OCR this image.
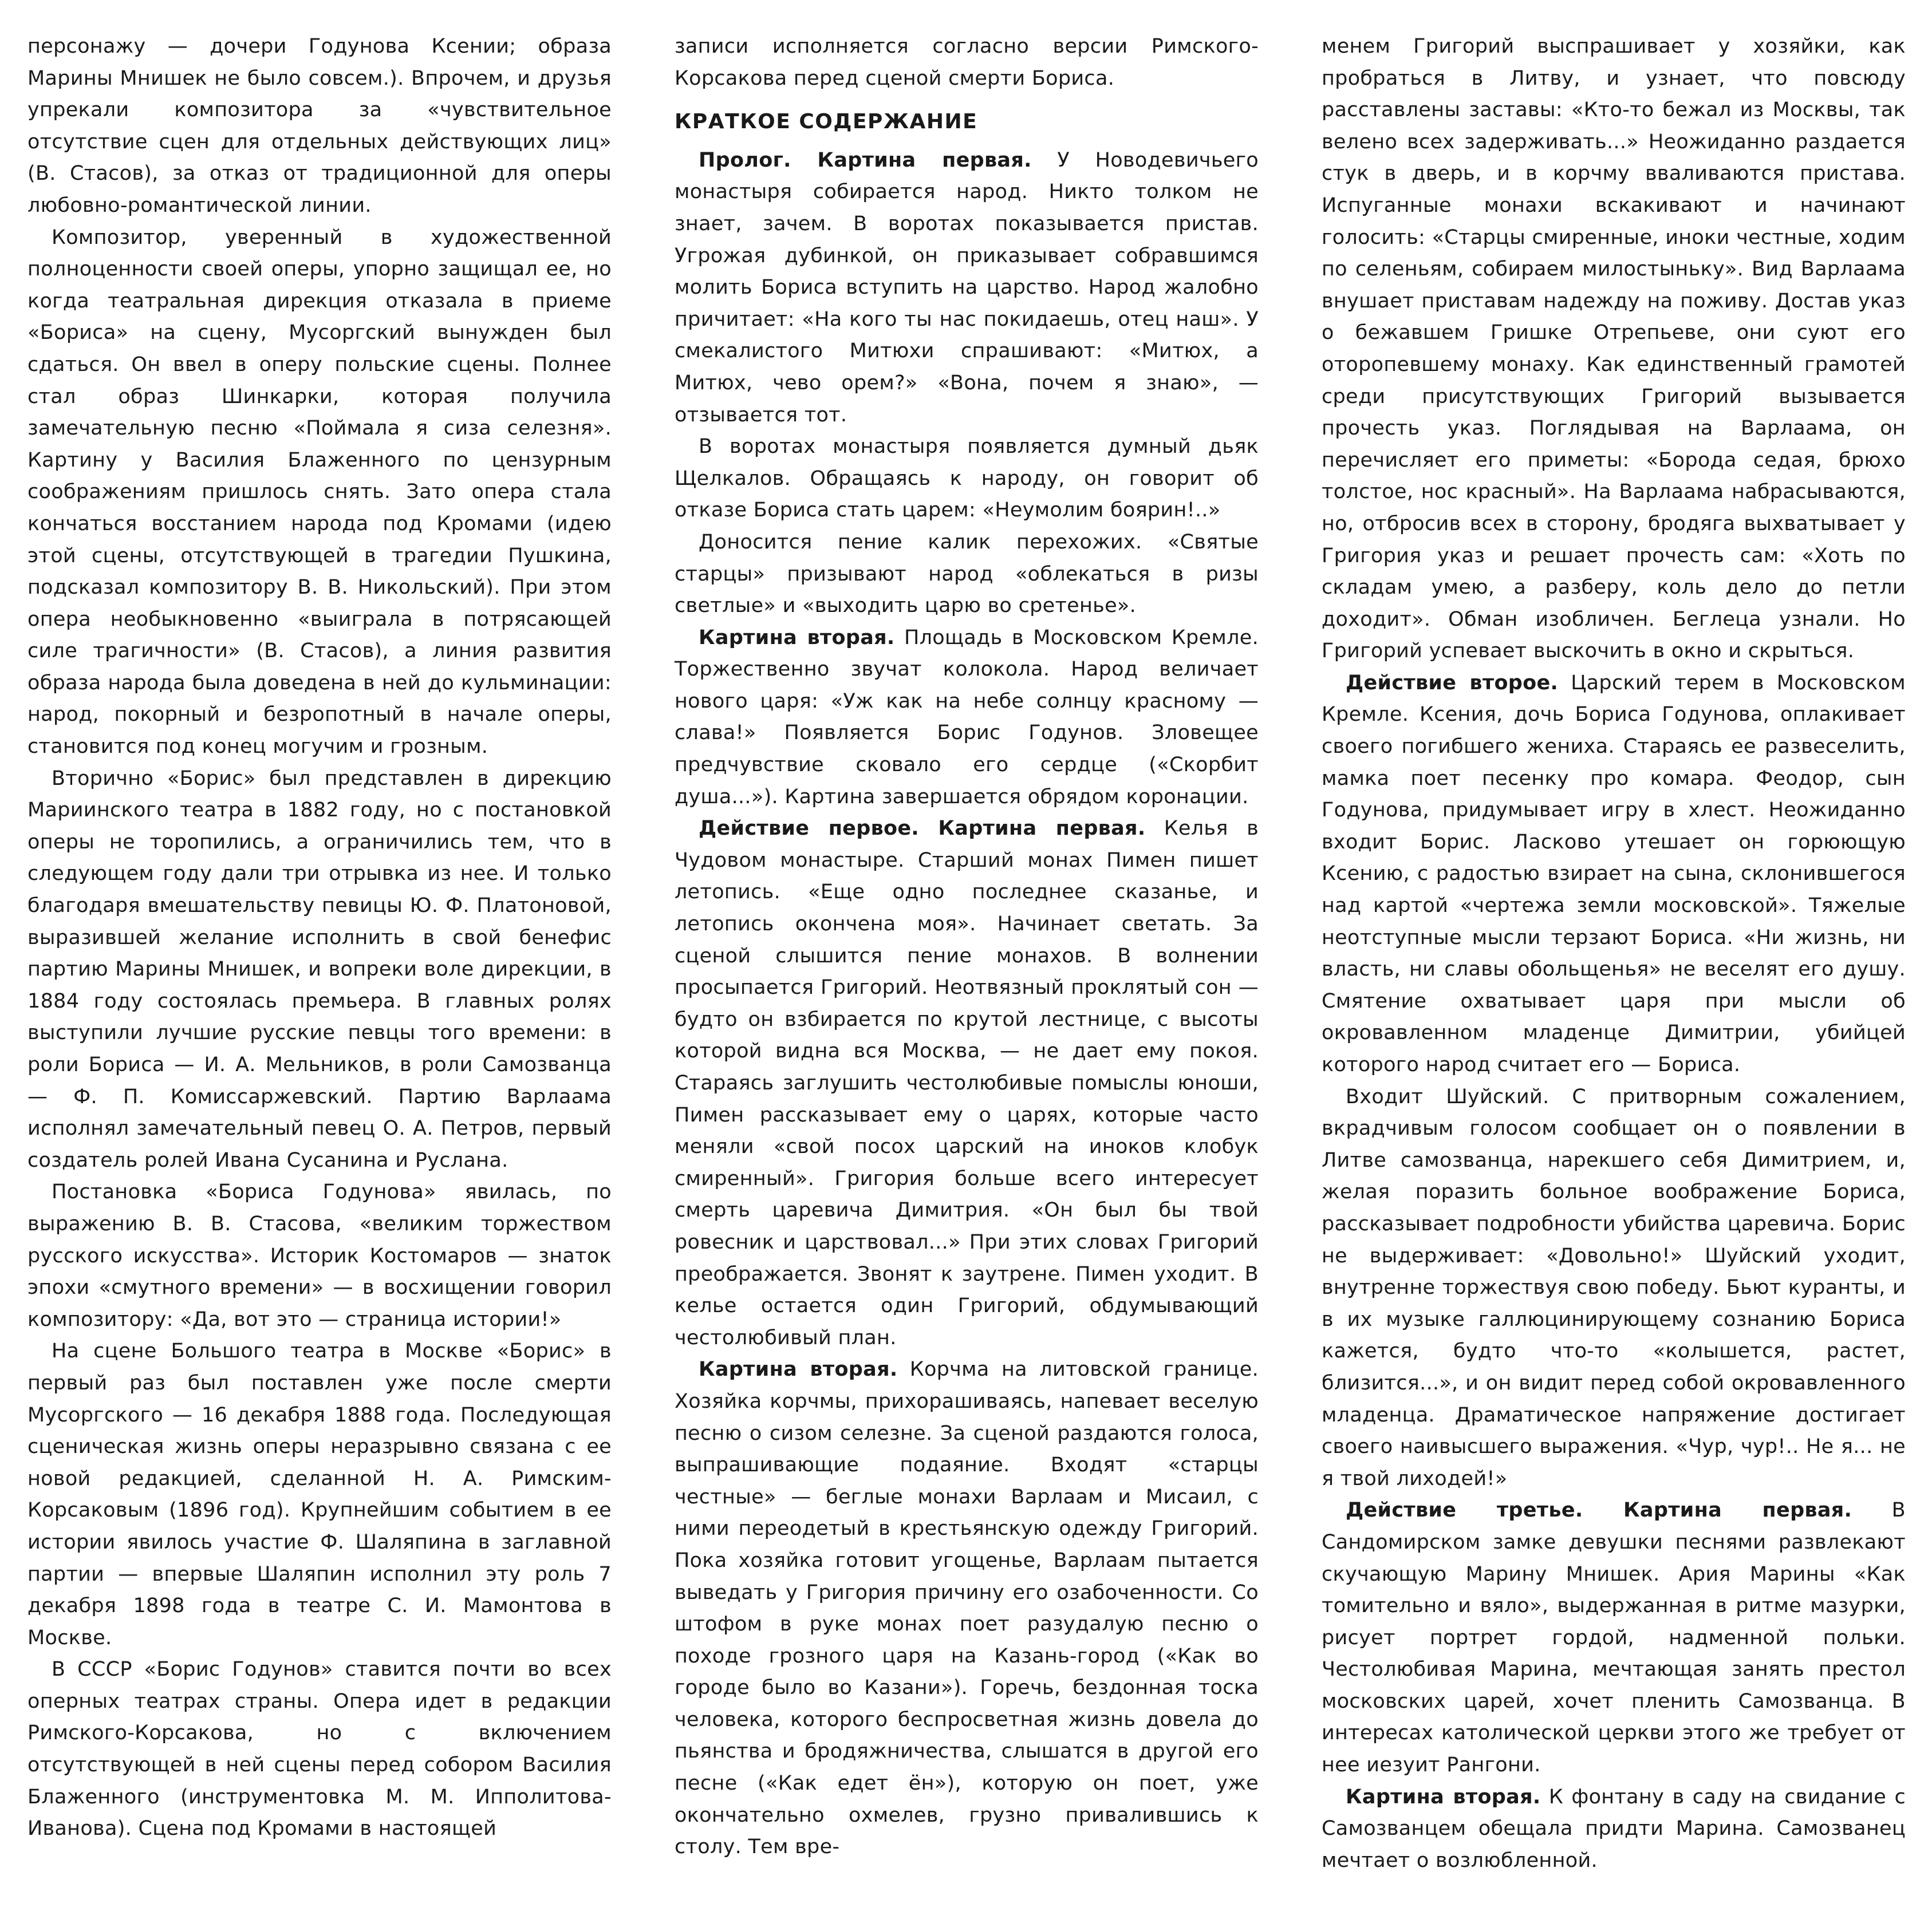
персонажу — дочери Годунова Ксении; образа Марины Мнишек не было совсем.). Впрочем, и друзья упрекали композитора за «чувствительное отсутствие сцен для отдельных действующих лиц» (В. Стасов), за отказ от традиционной для оперы любовно-романтической линии.

Композитор, уверенный в художественной полноценности своей оперы, упорно защищал ее, но когда театральная дирекция отказала в приеме «Бориса» на сцену, Мусоргский вынужден был сдаться. Он ввел в оперу польские сцены. Полнее стал образ Шинкарки, которая получила замечательную песню «Поймала я сиза селезня». Картину у Василия Блаженного по цензурным соображениям пришлось снять. Зато опера стала кончаться восстанием народа под Кромами (идею этой сцены, отсутствующей в трагедии Пушкина, подсказал композитору В. В. Никольский). При этом опера необыкновенно «выиграла в потрясающей силе трагичности» (В. Стасов), а линия развития образа народа была доведена в ней до кульминации: народ, покорный и безропотный в начале оперы, становится под конец могучим и грозным.

Вторично «Борис» был представлен в дирекцию Мариинского театра в 1882 году, но с постановкой оперы не торопились, а ограничились тем, что в следующем году дали три отрывка из нее. И только благодаря вмешательству певицы Ю. Ф. Платоновой, выразившей желание исполнить в свой бенефис партию Марины Мнишек, и вопреки воле дирекции, в 1884 году состоялась премьера. В главных ролях выступили лучшие русские певцы того времени: в роли Бориса — И. А. Мельников, в роли Самозванца — Ф. П. Комиссаржевский. Партию Варлаама исполнял замечательный певец О. А. Петров, первый создатель ролей Ивана Сусанина и Руслана.

Постановка «Бориса Годунова» явилась, по выражению В. В. Стасова, «великим торжеством русского искусства». Историк Костомаров — знаток эпохи «смутного времени» — в восхищении говорил композитору: «Да, вот это — страница истории!»

На сцене Большого театра в Москве «Борис» в первый раз был поставлен уже после смерти Мусоргского — 16 декабря 1888 года. Последующая сценическая жизнь оперы неразрывно связана с ее новой редакцией, сделанной Н. А. Римским-Корсаковым (1896 год). Крупнейшим событием в ее истории явилось участие Ф. Шаляпина в заглавной партии — впервые Шаляпин исполнил эту роль 7 декабря 1898 года в театре С. И. Мамонтова в Москве.

В СССР «Борис Годунов» ставится почти во всех оперных театрах страны. Опера идет в редакции Римского-Корсакова, но с включением отсутствующей в ней сцены перед собором Василия Блаженного (инструментовка М. М. Ипполитова-Иванова). Сцена под Кромами в настоящей

записи исполняется согласно версии Римского-Корсакова перед сценой смерти Бориса.

КРАТКОЕ СОДЕРЖАНИЕ

Пролог. Картина первая. У Новодевичьего монастыря собирается народ. Никто толком не знает, зачем. В воротах показывается пристав. Угрожая дубинкой, он приказывает собравшимся молить Бориса вступить на царство. Народ жалобно причитает: «На кого ты нас покидаешь, отец наш». У смекалистого Митюхи спрашивают: «Митюх, а Митюх, чево орем?» «Вона, почем я знаю», — отзывается тот.

В воротах монастыря появляется думный дьяк Щелкалов. Обращаясь к народу, он говорит об отказе Бориса стать царем: «Неумолим боярин!..»

Доносится пение калик перехожих. «Святые старцы» призывают народ «облекаться в ризы светлые» и «выходить царю во сретенье».

Картина вторая. Площадь в Московском Кремле. Торжественно звучат колокола. Народ величает нового царя: «Уж как на небе солнцу красному — слава!» Появляется Борис Годунов. Зловещее предчувствие сковало его сердце («Скорбит душа...»). Картина завершается обрядом коронации.

Действие первое. Картина первая. Келья в Чудовом монастыре. Старший монах Пимен пишет летопись. «Еще одно последнее сказанье, и летопись окончена моя». Начинает светать. За сценой слышится пение монахов. В волнении просыпается Григорий. Неотвязный проклятый сон — будто он взбирается по крутой лестнице, с высоты которой видна вся Москва, — не дает ему покоя. Стараясь заглушить честолюбивые помыслы юноши, Пимен рассказывает ему о царях, которые часто меняли «свой посох царский на иноков клобук смиренный». Григория больше всего интересует смерть царевича Димитрия. «Он был бы твой ровесник и царствовал...» При этих словах Григорий преображается. Звонят к заутрене. Пимен уходит. В келье остается один Григорий, обдумывающий честолюбивый план.

Картина вторая. Корчма на литовской границе. Хозяйка корчмы, прихорашиваясь, напевает веселую песню о сизом селезне. За сценой раздаются голоса, выпрашивающие подаяние. Входят «старцы честные» — беглые монахи Варлаам и Мисаил, с ними переодетый в крестьянскую одежду Григорий. Пока хозяйка готовит угощенье, Варлаам пытается выведать у Григория причину его озабоченности. Со штофом в руке монах поет разудалую песню о походе грозного царя на Казань-город («Как во городе было во Казани»). Горечь, бездонная тоска человека, которого беспросветная жизнь довела до пьянства и бродяжничества, слышатся в другой его песне («Как едет ён»), которую он поет, уже окончательно охмелев, грузно привалившись к столу. Тем вре-

менем Григорий выспрашивает у хозяйки, как пробраться в Литву, и узнает, что повсюду расставлены заставы: «Кто-то бежал из Москвы, так велено всех задерживать...» Неожиданно раздается стук в дверь, и в корчму вваливаются пристава. Испуганные монахи вскакивают и начинают голосить: «Старцы смиренные, иноки честные, ходим по селеньям, собираем милостыньку». Вид Варлаама внушает приставам надежду на поживу. Достав указ о бежавшем Гришке Отрепьеве, они суют его оторопевшему монаху. Как единственный грамотей среди присутствующих Григорий вызывается прочесть указ. Поглядывая на Варлаама, он перечисляет его приметы: «Борода седая, брюхо толстое, нос красный». На Варлаама набрасываются, но, отбросив всех в сторону, бродяга выхватывает у Григория указ и решает прочесть сам: «Хоть по складам умею, а разберу, коль дело до петли доходит». Обман изобличен. Беглеца узнали. Но Григорий успевает выскочить в окно и скрыться.

Действие второе. Царский терем в Московском Кремле. Ксения, дочь Бориса Годунова, оплакивает своего погибшего жениха. Стараясь ее развеселить, мамка поет песенку про комара. Феодор, сын Годунова, придумывает игру в хлест. Неожиданно входит Борис. Ласково утешает он горюющую Ксению, с радостью взирает на сына, склонившегося над картой «чертежа земли московской». Тяжелые неотступные мысли терзают Бориса. «Ни жизнь, ни власть, ни славы обольщенья» не веселят его душу. Смятение охватывает царя при мысли об окровавленном младенце Димитрии, убийцей которого народ считает его — Бориса.

Входит Шуйский. С притворным сожалением, вкрадчивым голосом сообщает он о появлении в Литве самозванца, нарекшего себя Димитрием, и, желая поразить больное воображение Бориса, рассказывает подробности убийства царевича. Борис не выдерживает: «Довольно!» Шуйский уходит, внутренне торжествуя свою победу. Бьют куранты, и в их музыке галлюцинирующему сознанию Бориса кажется, будто что-то «колышется, растет, близится...», и он видит перед собой окровавленного младенца. Драматическое напряжение достигает своего наивысшего выражения. «Чур, чур!.. Не я... не я твой лиходей!»

Действие третье. Картина первая. В Сандомирском замке девушки песнями развлекают скучающую Марину Мнишек. Ария Марины «Как томительно и вяло», выдержанная в ритме мазурки, рисует портрет гордой, надменной польки. Честолюбивая Марина, мечтающая занять престол московских царей, хочет пленить Самозванца. В интересах католической церкви этого же требует от нее иезуит Рангони.

Картина вторая. К фонтану в саду на свидание с Самозванцем обещала придти Марина. Самозванец мечтает о возлюбленной.
